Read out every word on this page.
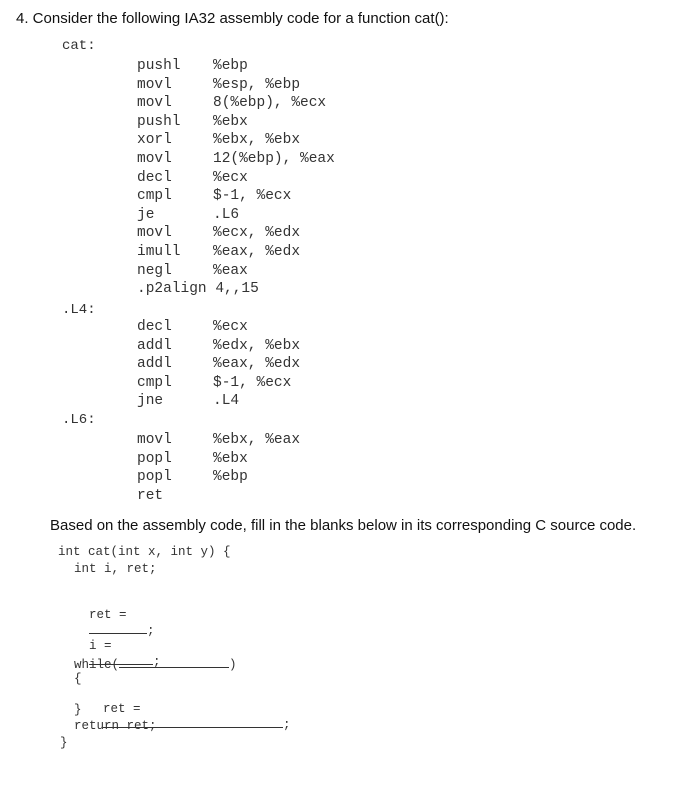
4. Consider the following IA32 assembly code for a function cat():
cat:
pushl %ebp
movl	%esp, %ebp
movl	8(%ebp), %ecx
pushl %ebx
xorl	%ebx, %ebx
movl	12(%ebp), %eax
decl	%ecx
cmpl	$-1, %ecx
je	.L6
movl	%ecx, %edx
imull %eax, %edx
negl	%eax
.p2align 4,,15
.L4:
decl	%ecx
addl	%edx, %ebx
addl	%eax, %edx
cmpl	$-1, %ecx
jne	.L4
.L6:
movl	%ebx, %eax
popl	%ebx
popl	%ebp
ret
Based on the assembly code, fill in the blanks below in its corresponding C source code.
int cat(int x, int y) {
int i, ret;

ret =
;

i =
;

while(	)
{

ret =
;

}
return ret;
}
